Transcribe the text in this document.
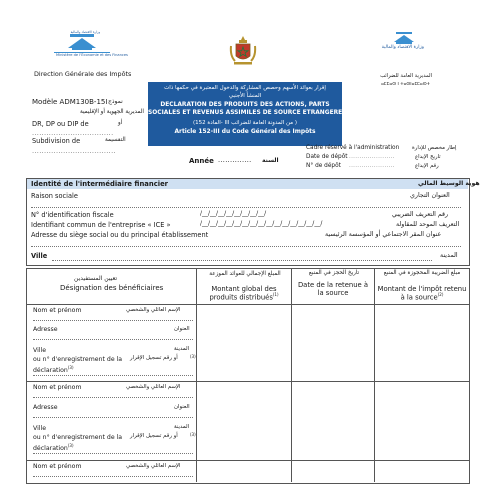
Ministère de l'Économie et des Finances
وزارة الاقتصاد والمالية
Direction Générale des Impôts
وزارة الاقتصاد والمالية
المديرية العامة للضرائب
ⴰⵎⵎⴰⵙ ⵏ ⵜⴰⵙⵏⴰⵎⵎⴰⵙⵜ
Modèle ADM130B-15I نموذج
المديرية الجهوية أو الإقليمية
DR, DP ou DIP de	أو
..................................
Subdivision de	التقسيمة
...................................
إقرار بعوائد الأسهم وحصص المشاركة والدخول المعتبرة في حكمها ذات
المنشأ الأجنبي
DECLARATION DES PRODUITS DES ACTIONS, PARTS
SOCIALES ET REVENUS ASSIMILES DE SOURCE ETRANGERE
(المادة 152- III من المدونة العامة للضرائب )
Article 152-III du Code Général des Impôts
Année .............. السنة
Cadre réservé à l'administration إطار مخصص للإدارة
Date de dépôt ......................	تاريخ الإيداع
N° de dépôt ......................	رقم الإيداع
Identité de l'intermédiaire financier	هوية الوسيط المالي
Raison sociale	العنوان التجاري
N° d'identification fiscale	/__/__/__/__/__/__/__/__/	رقم التعريف الضريبي
Identifiant commun de l'entreprise « ICE »	/__/__/__/__/__/__/__/__/__/__/__/__/__/__/__/	التعريف الموحد للمقاولة
Adresse du siège social ou du principal établissement	عنوان المقر الاجتماعي أو المؤسسة الرئيسية
Ville	المدينة
تعيين المستفيدين
Désignation des bénéficiaires
المبلغ الإجمالي للعوائد الموزعة
Montant global des produits distribués$^{(1)}$
تاريخ الحجز في المنبع
Date de la retenue à la source
مبلغ الضريبة المحجوزة في المنبع
Montant de l'impôt retenu à la source$^{(2)}$
Nom et prénom	الإسم العائلي والشخصي
Adresse	العنوان
Ville	المدينة
ou n° d'enregistrement de la أو رقم تسجيل الإقرار	(3)
déclaration$^{(3)}$
Nom et prénom	الإسم العائلي والشخصي
Adresse	العنوان
Ville	المدينة
ou n° d'enregistrement de la أو رقم تسجيل الإقرار	(3)
déclaration$^{(3)}$
Nom et prénom	الإسم العائلي والشخصي
